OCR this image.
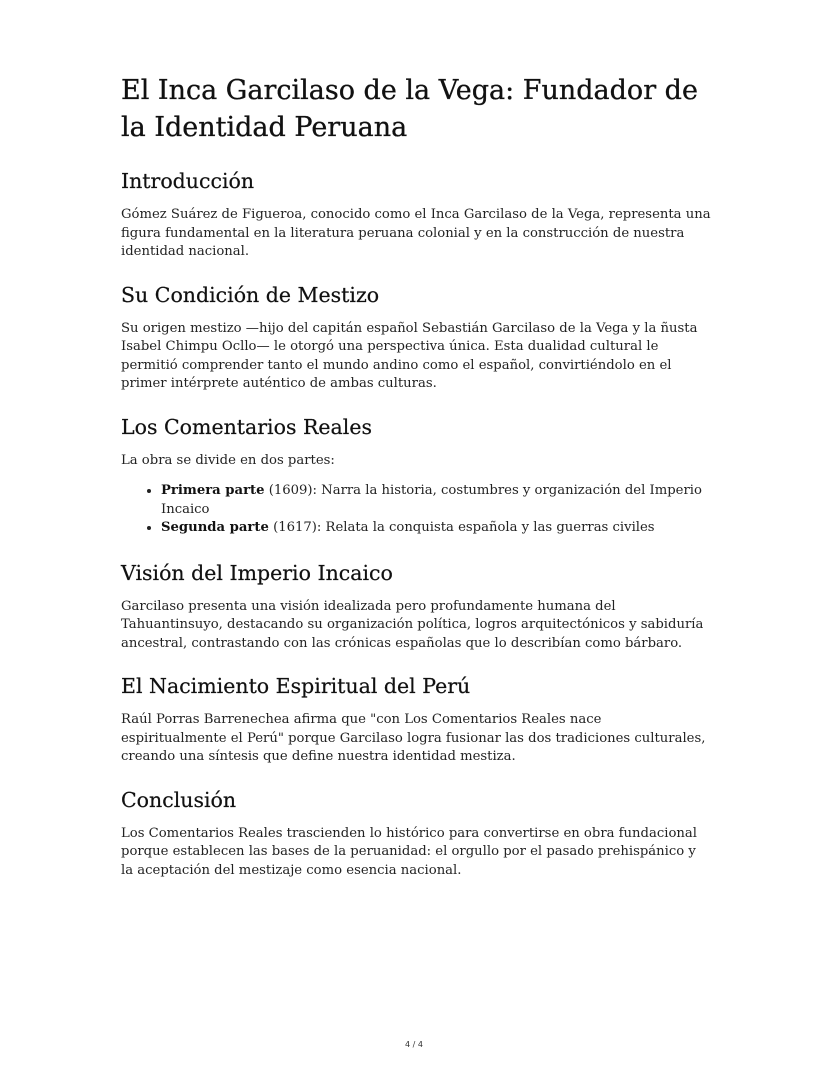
El Inca Garcilaso de la Vega: Fundador de la Identidad Peruana
Introducción

Gómez Suárez de Figueroa, conocido como el Inca Garcilaso de la Vega, representa una figura fundamental en la literatura peruana colonial y en la construcción de nuestra identidad nacional.

Su Condición de Mestizo

Su origen mestizo —hijo del capitán español Sebastián Garcilaso de la Vega y la ñusta Isabel Chimpu Ocllo— le otorgó una perspectiva única. Esta dualidad cultural le permitió comprender tanto el mundo andino como el español, convirtiéndolo en el primer intérprete auténtico de ambas culturas.

Los Comentarios Reales

La obra se divide en dos partes:

• Primera parte (1609): Narra la historia, costumbres y organización del Imperio Incaico
• Segunda parte (1617): Relata la conquista española y las guerras civiles
Visión del Imperio Incaico

Garcilaso presenta una visión idealizada pero profundamente humana del Tahuantinsuyo, destacando su organización política, logros arquitectónicos y sabiduría ancestral, contrastando con las crónicas españolas que lo describían como bárbaro.

El Nacimiento Espiritual del Perú

Raúl Porras Barrenechea afirma que "con Los Comentarios Reales nace espiritualmente el Perú" porque Garcilaso logra fusionar las dos tradiciones culturales, creando una síntesis que define nuestra identidad mestiza.

Conclusión

Los Comentarios Reales trascienden lo histórico para convertirse en obra fundacional porque establecen las bases de la peruanidad: el orgullo por el pasado prehispánico y la aceptación del mestizaje como esencia nacional.

4 / 4
